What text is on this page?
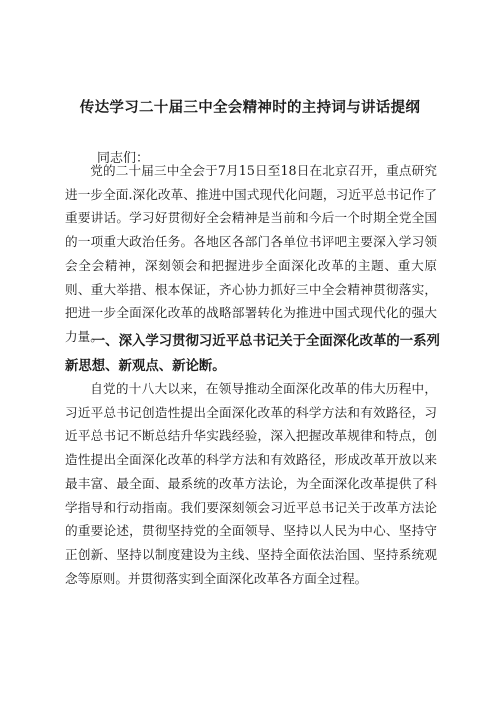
传达学习二十届三中全会精神时的主持词与讲话提纲
同志们：

党的二十届三中全会于7月15日至18日在北京召开，重点研究进一步全面.深化改革、推进中国式现代化问题，习近平总书记作了重要讲话。学习好贯彻好全会精神是当前和今后一个时期全党全国的一项重大政治任务。各地区各部门各单位书评吧主要深入学习领会全会精神，深刻领会和把握进步全面深化改革的主题、重大原则、重大举措、根本保证，齐心协力抓好三中全会精神贯彻落实，把进一步全面深化改革的战略部署转化为推进中国式现代化的强大力量。

一、深入学习贯彻习近平总书记关于全面深化改革的一系列新思想、新观点、新论断。

自党的十八大以来，在领导推动全面深化改革的伟大历程中，习近平总书记创造性提出全面深化改革的科学方法和有效路径，习近平总书记不断总结升华实践经验，深入把握改革规律和特点，创造性提出全面深化改革的科学方法和有效路径，形成改革开放以来最丰富、最全面、最系统的改革方法论，为全面深化改革提供了科学指导和行动指南。我们要深刻领会习近平总书记关于改革方法论的重要论述，贯彻坚持党的全面领导、坚持以人民为中心、坚持守正创新、坚持以制度建设为主线、坚持全面依法治国、坚持系统观念等原则。并贯彻落实到全面深化改革各方面全过程。
